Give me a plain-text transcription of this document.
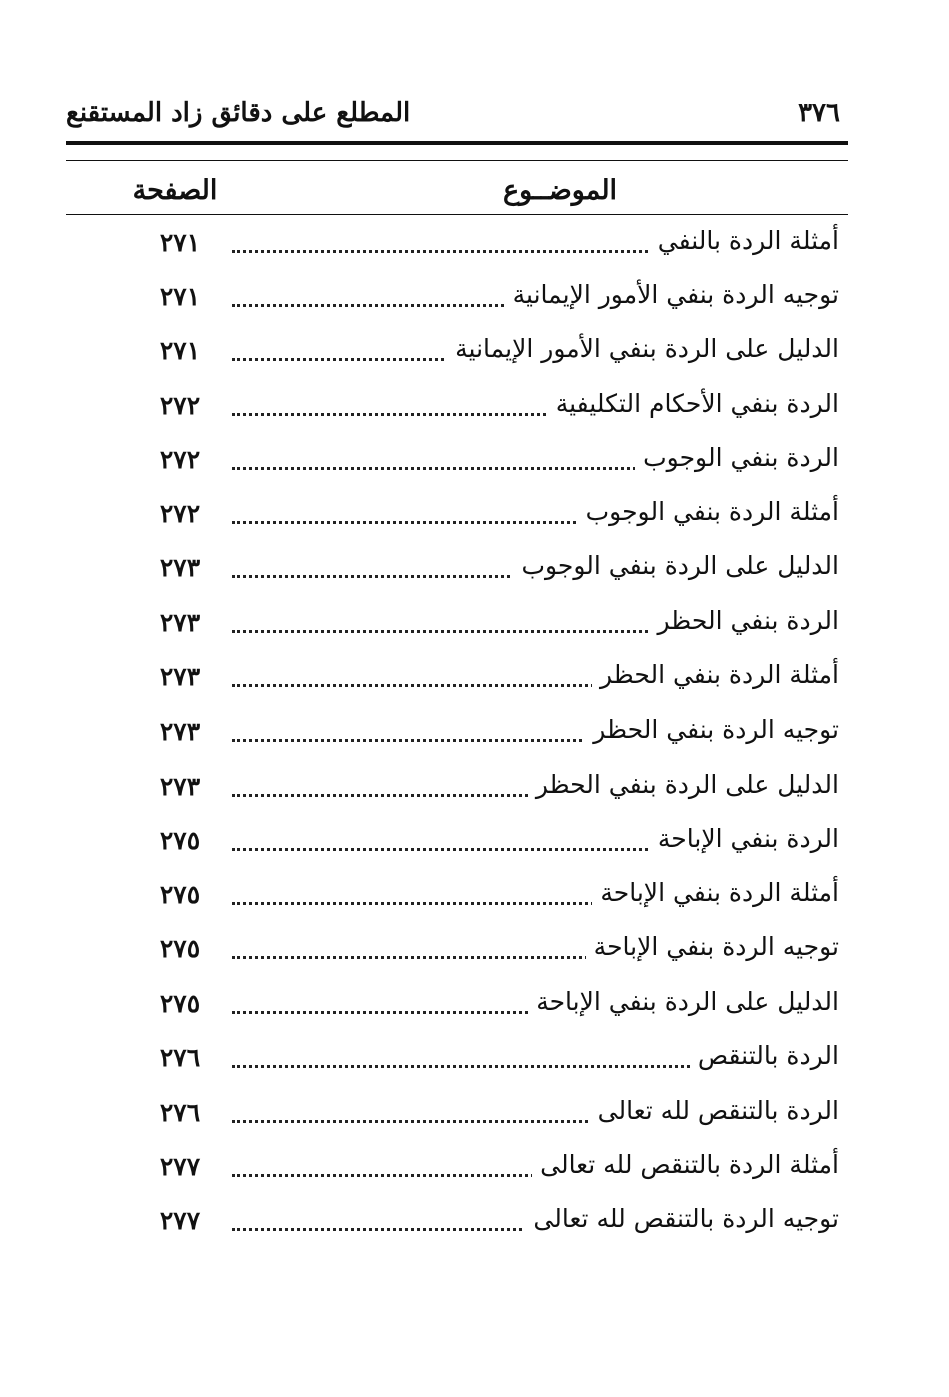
٣٧٦
المطلع على دقائق زاد المستقنع
الموضــوع
الصفحة
أمثلة الردة بالنفي
٢٧١
توجيه الردة بنفي الأمور الإيمانية
٢٧١
الدليل على الردة بنفي الأمور الإيمانية
٢٧١
الردة بنفي الأحكام التكليفية
٢٧٢
الردة بنفي الوجوب
٢٧٢
أمثلة الردة بنفي الوجوب
٢٧٢
الدليل على الردة بنفي الوجوب
٢٧٣
الردة بنفي الحظر
٢٧٣
أمثلة الردة بنفي الحظر
٢٧٣
توجيه الردة بنفي الحظر
٢٧٣
الدليل على الردة بنفي الحظر
٢٧٣
الردة بنفي الإباحة
٢٧٥
أمثلة الردة بنفي الإباحة
٢٧٥
توجيه الردة بنفي الإباحة
٢٧٥
الدليل على الردة بنفي الإباحة
٢٧٥
الردة بالتنقص
٢٧٦
الردة بالتنقص لله تعالى
٢٧٦
أمثلة الردة بالتنقص لله تعالى
٢٧٧
توجيه الردة بالتنقص لله تعالى
٢٧٧
